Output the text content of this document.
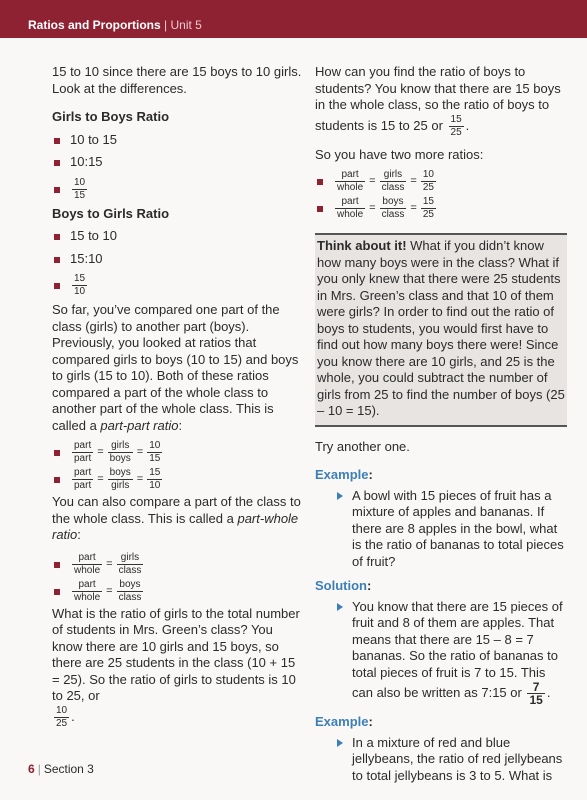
Ratios and Proportions | Unit 5

15 to 10 since there are 15 boys to 10 girls. Look at the differences.

Girls to Boys Ratio

10 to 15
10:15
$\frac{10}{15}$

Boys to Girls Ratio

15 to 10
15:10
$\frac{15}{10}$

So far, you’ve compared one part of the class (girls) to another part (boys). Previously, you looked at ratios that compared girls to boys (10 to 15) and boys to girls (15 to 10). Both of these ratios compared a part of the whole class to another part of the whole class. This is called a part-part ratio:

$\frac{\text{part}}{\text{part}} = \frac{\text{girls}}{\text{boys}} = \frac{10}{15}$
$\frac{\text{part}}{\text{part}} = \frac{\text{boys}}{\text{girls}} = \frac{15}{10}$

You can also compare a part of the class to the whole class. This is called a part-whole ratio:

$\frac{\text{part}}{\text{whole}} = \frac{\text{girls}}{\text{class}}$
$\frac{\text{part}}{\text{whole}} = \frac{\text{boys}}{\text{class}}$

What is the ratio of girls to the total number of students in Mrs. Green’s class? You know there are 10 girls and 15 boys, so there are 25 students in the class (10 + 15 = 25). So the ratio of girls to students is 10 to 25, or

$\frac{10}{25}$ .

How can you find the ratio of boys to students? You know that there are 15 boys in the whole class, so the ratio of boys to students is 15 to 25 or $\frac{15}{25}$ .

So you have two more ratios:

$\frac{\text{part}}{\text{whole}} = \frac{\text{girls}}{\text{class}} = \frac{10}{25}$
$\frac{\text{part}}{\text{whole}} = \frac{\text{boys}}{\text{class}} = \frac{15}{25}$
Think about it! What if you didn’t know how many boys were in the class? What if you only knew that there were 25 students in Mrs. Green’s class and that 10 of them were girls? In order to find out the ratio of boys to students, you would first have to find out how many boys there were! Since you know there are 10 girls, and 25 is the whole, you could subtract the number of girls from 25 to find the number of boys (25 – 10 = 15).

Try another one.

Example:

A bowl with 15 pieces of fruit has a mixture of apples and bananas. If there are 8 apples in the bowl, what is the ratio of bananas to total pieces of fruit?

Solution:

You know that there are 15 pieces of fruit and 8 of them are apples. That means that there are 15 – 8 = 7 bananas. So the ratio of bananas to total pieces of fruit is 7 to 15. This
can also be written as 7:15 or $\frac{7}{15}$ .

Example:

In a mixture of red and blue jellybeans, the ratio of red jellybeans to total jellybeans is 3 to 5. What is

6 | Section 3
